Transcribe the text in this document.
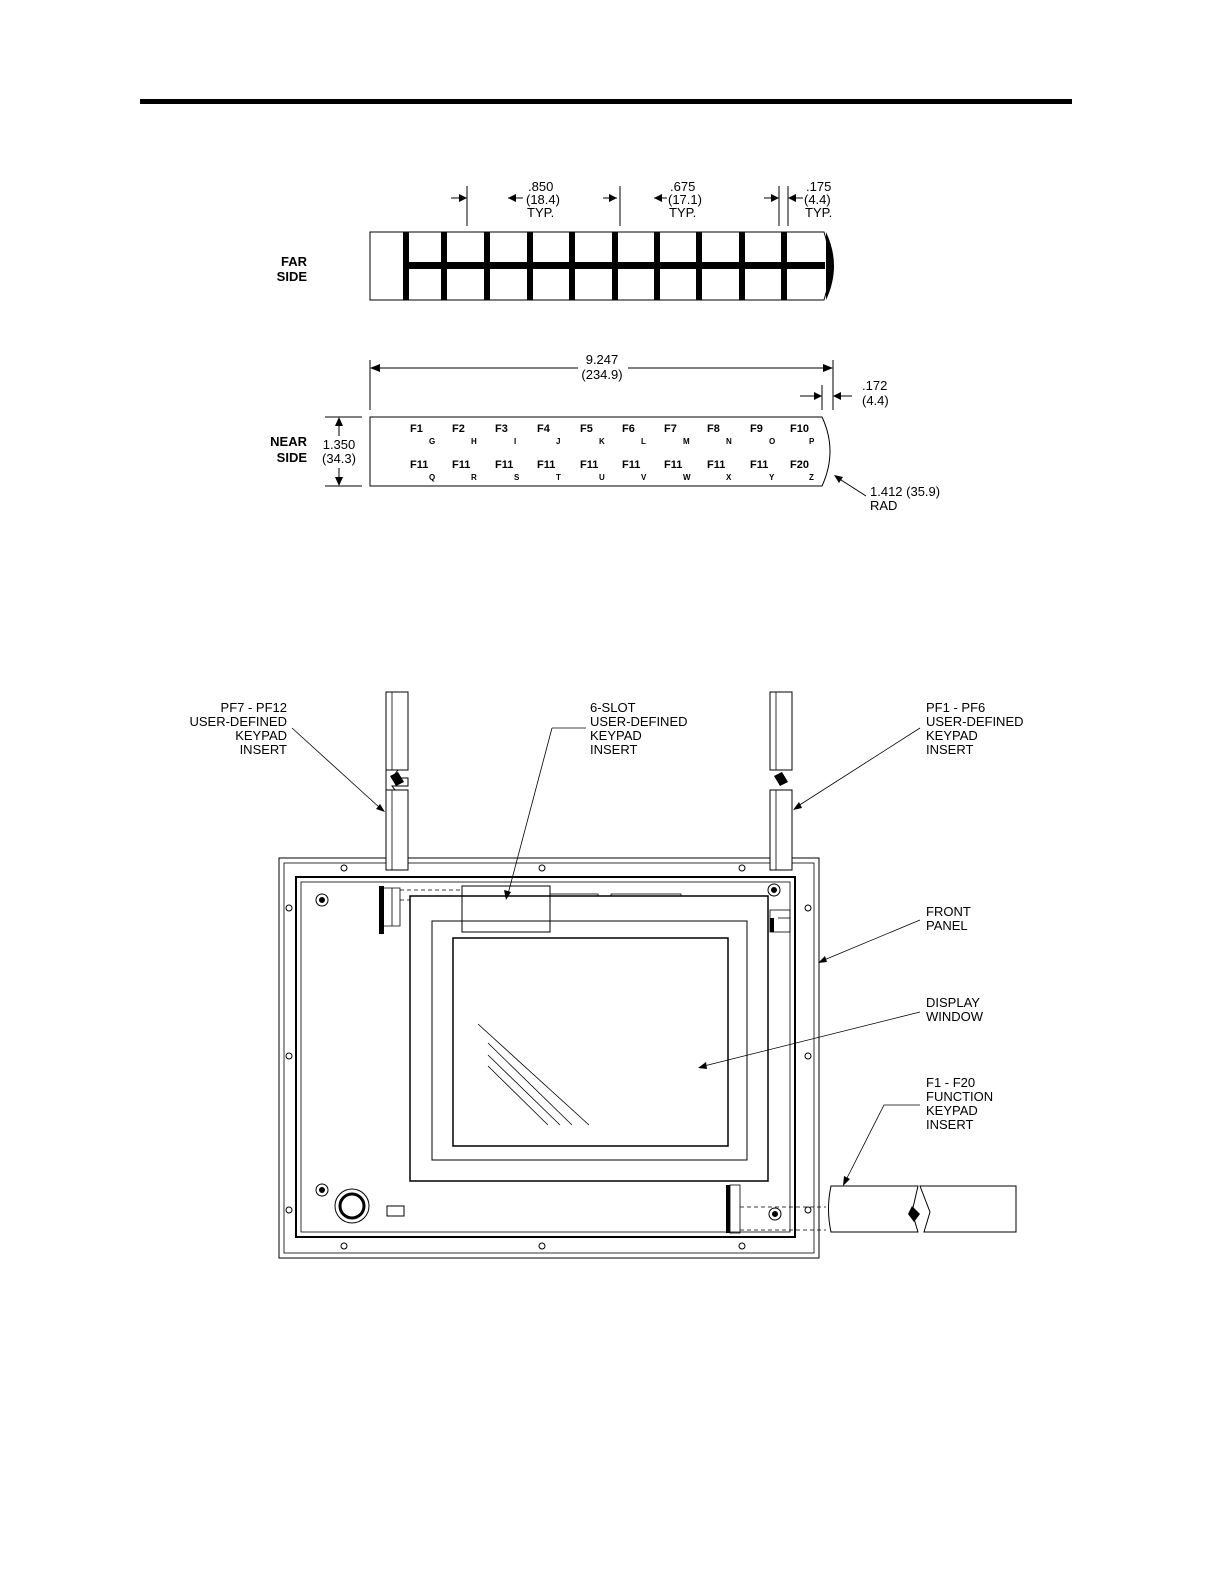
FAR
SIDE
.850
(18.4)
TYP.
.675
(17.1)
TYP.
.175
(4.4)
TYP.
9.247
(234.9)
.172
(4.4)
1.350
(34.3)
1.412 (35.9)
RAD
NEAR
SIDE
F1
G
F2
H
F3
I
F4
J
F5
K
F6
L
F7
M
F8
N
F9
O
F10
P
F11
Q
F11
R
F11
S
F11
T
F11
U
F11
V
F11
W
F11
X
F11
Y
F20
Z
PF7 - PF12
USER-DEFINED
KEYPAD
INSERT
6-SLOT
USER-DEFINED
KEYPAD
INSERT
PF1 - PF6
USER-DEFINED
KEYPAD
INSERT
FRONT
PANEL
DISPLAY
WINDOW
F1 - F20
FUNCTION
KEYPAD
INSERT
